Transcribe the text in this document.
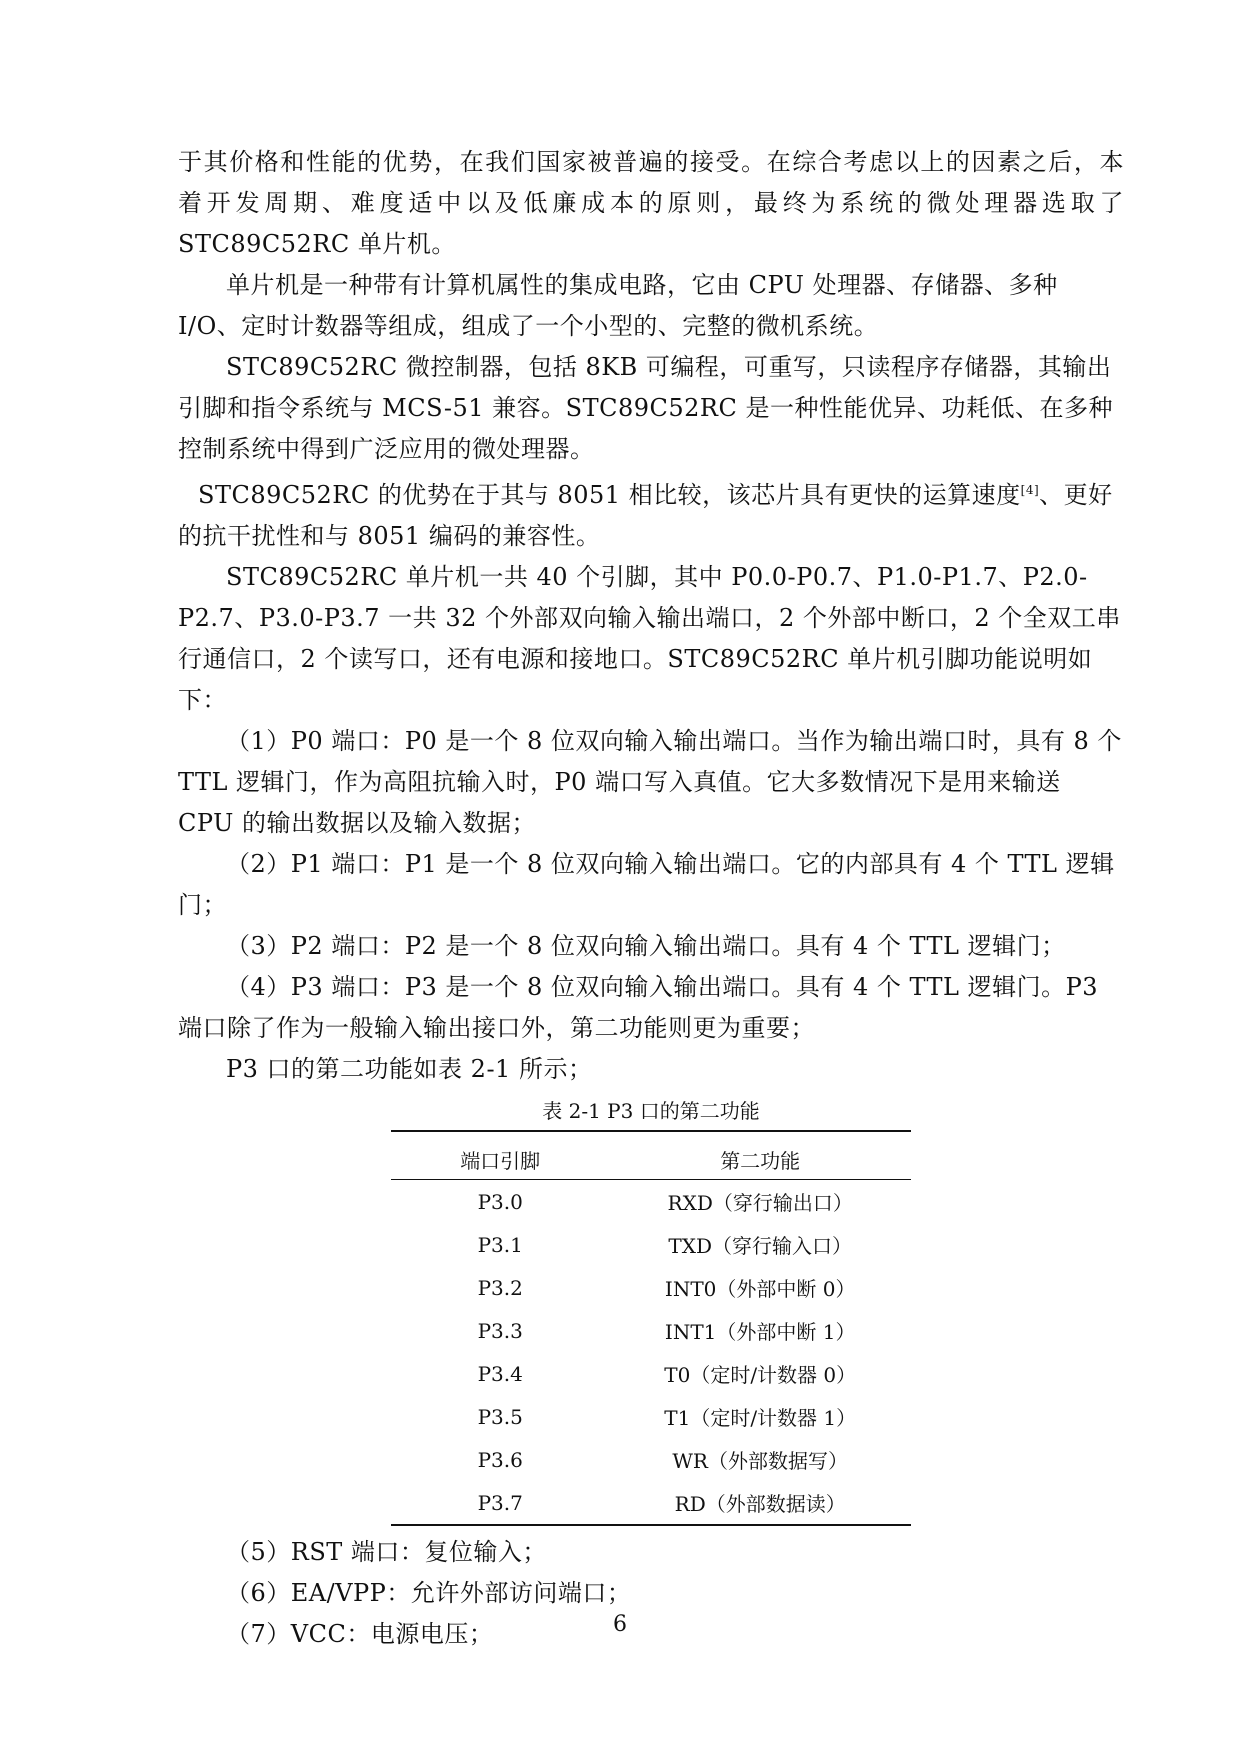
于其价格和性能的优势，在我们国家被普遍的接受。在综合考虑以上的因素之后，本

着开发周期、难度适中以及低廉成本的原则，最终为系统的微处理器选取了

STC89C52RC 单片机。

单片机是一种带有计算机属性的集成电路，它由 CPU 处理器、存储器、多种 I/O、定时计数器等组成，组成了一个小型的、完整的微机系统。

STC89C52RC 微控制器，包括 8KB 可编程，可重写，只读程序存储器，其输出引脚和指令系统与 MCS-51 兼容。STC89C52RC 是一种性能优异、功耗低、在多种控制系统中得到广泛应用的微处理器。

STC89C52RC 的优势在于其与 8051 相比较，该芯片具有更快的运算速度[4]、更好的抗干扰性和与 8051 编码的兼容性。

STC89C52RC 单片机一共 40 个引脚，其中 P0.0-P0.7、P1.0-P1.7、P2.0-P2.7、P3.0-P3.7 一共 32 个外部双向输入输出端口，2 个外部中断口，2 个全双工串行通信口，2 个读写口，还有电源和接地口。STC89C52RC 单片机引脚功能说明如下：

（1）P0 端口：P0 是一个 8 位双向输入输出端口。当作为输出端口时，具有 8 个 TTL 逻辑门，作为高阻抗输入时，P0 端口写入真值。它大多数情况下是用来输送 CPU 的输出数据以及输入数据；

（2）P1 端口：P1 是一个 8 位双向输入输出端口。它的内部具有 4 个 TTL 逻辑门；

（3）P2 端口：P2 是一个 8 位双向输入输出端口。具有 4 个 TTL 逻辑门；

（4）P3 端口：P3 是一个 8 位双向输入输出端口。具有 4 个 TTL 逻辑门。P3 端口除了作为一般输入输出接口外，第二功能则更为重要；

P3 口的第二功能如表 2-1 所示；

表 2-1 P3 口的第二功能

端口引脚	第二功能
P3.0	RXD（穿行输出口）
P3.1	TXD（穿行输入口）
P3.2	INT0（外部中断 0）
P3.3	INT1（外部中断 1）
P3.4	T0（定时/计数器 0）
P3.5	T1（定时/计数器 1）
P3.6	WR（外部数据写）
P3.7	RD（外部数据读）

（5）RST 端口：复位输入；

（6）EA/VPP：允许外部访问端口；

（7）VCC：电源电压；	6
